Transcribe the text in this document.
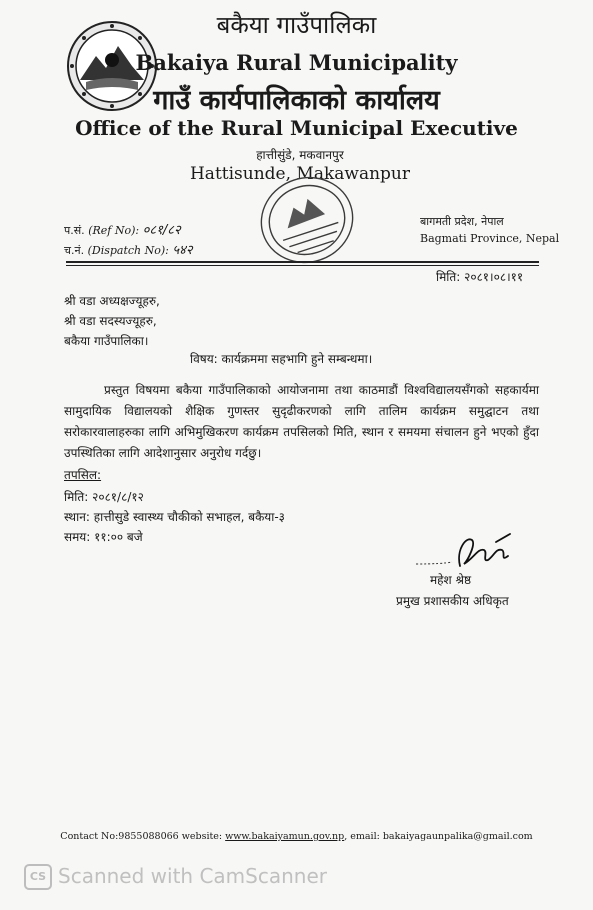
बकैया गाउँपालिका
Bakaiya Rural Municipality
गाउँ कार्यपालिकाको कार्यालय
Office of the Rural Municipal Executive
हात्तीसुंडे, मकवानपुर
Hattisunde, Makawanpur
प.सं. (Ref No): ०८१/८२
च.नं. (Dispatch No): ५४२
बागमती प्रदेश, नेपाल
Bagmati Province, Nepal
मिति: २०८१।०८।११
श्री वडा अध्यक्षज्यूहरु,
श्री वडा सदस्यज्यूहरु,
बकैया गाउँपालिका।
विषय: कार्यक्रममा सहभागि हुने सम्बन्धमा।
प्रस्तुत विषयमा बकैया गाउँपालिकाको आयोजनामा तथा काठमाडौं विश्वविद्यालयसँगको सहकार्यमा सामुदायिक विद्यालयको शैक्षिक गुणस्तर सुदृढीकरणको लागि तालिम कार्यक्रम समुद्घाटन तथा सरोकारवालाहरुका लागि अभिमुखिकरण कार्यक्रम तपसिलको मिति, स्थान र समयमा संचालन हुने भएको हुँदा उपस्थितिका लागि आदेशानुसार अनुरोध गर्दछु।
तपसिल:
मिति: २०८१/८/१२
स्थान: हात्तीसुडे स्वास्थ्य चौकीको सभाहल, बकैया-३
समय: ११:०० बजे
महेश श्रेष्ठ
प्रमुख प्रशासकीय अधिकृत
Contact No:9855088066 website: www.bakaiyamun.gov.np, email: bakaiyagaunpalika@gmail.com
CS Scanned with CamScanner
